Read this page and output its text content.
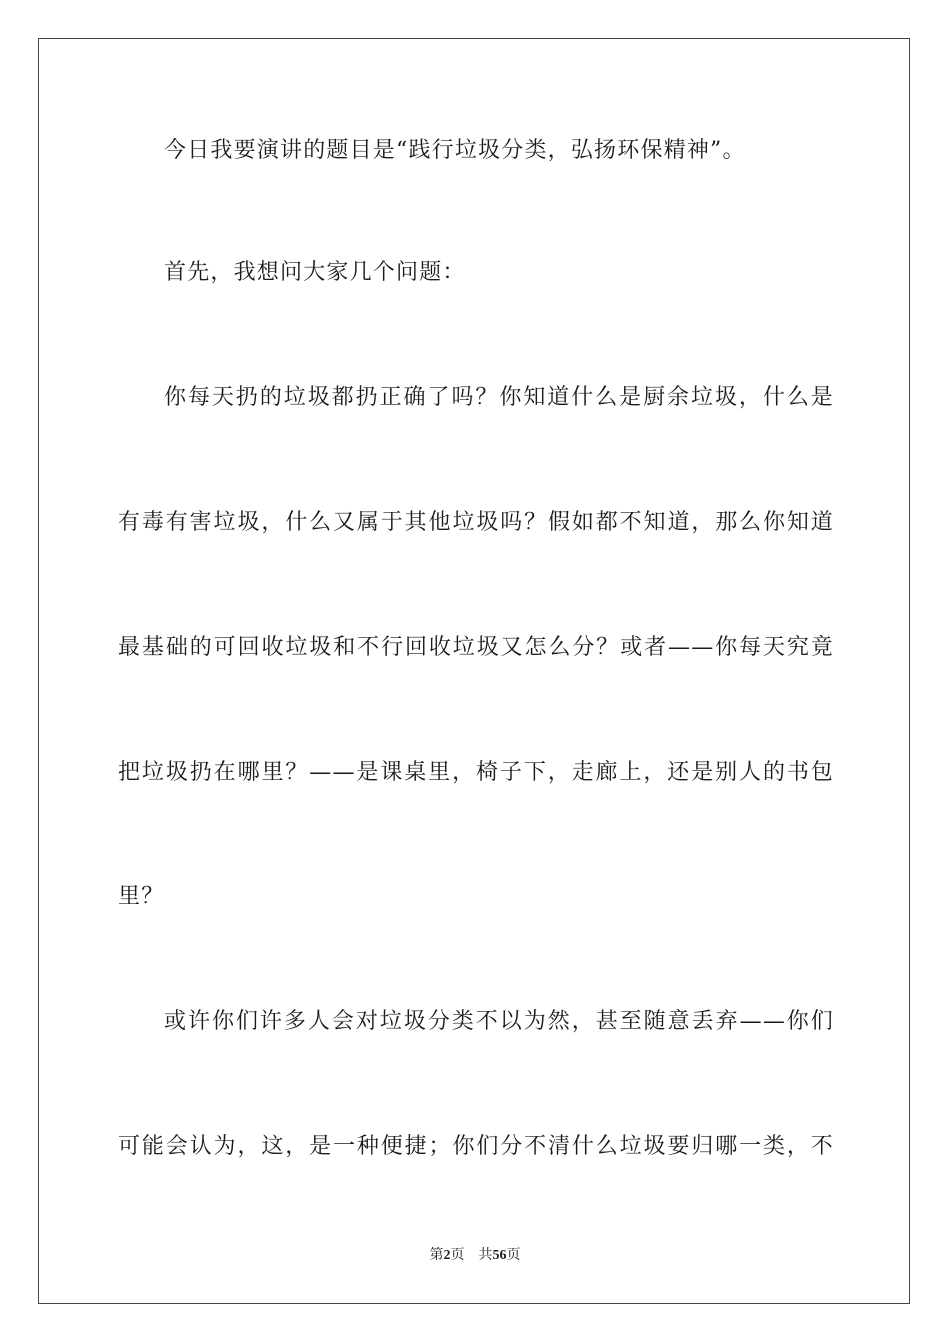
今日我要演讲的题目是“践行垃圾分类，弘扬环保精神”。
首先，我想问大家几个问题：
你每天扔的垃圾都扔正确了吗？你知道什么是厨余垃圾，什么是
有毒有害垃圾，什么又属于其他垃圾吗？假如都不知道，那么你知道
最基础的可回收垃圾和不行回收垃圾又怎么分？或者——你每天究竟
把垃圾扔在哪里？——是课桌里，椅子下，走廊上，还是别人的书包
里？
或许你们许多人会对垃圾分类不以为然，甚至随意丢弃——你们
可能会认为，这，是一种便捷；你们分不清什么垃圾要归哪一类，不
第2页 共56页
